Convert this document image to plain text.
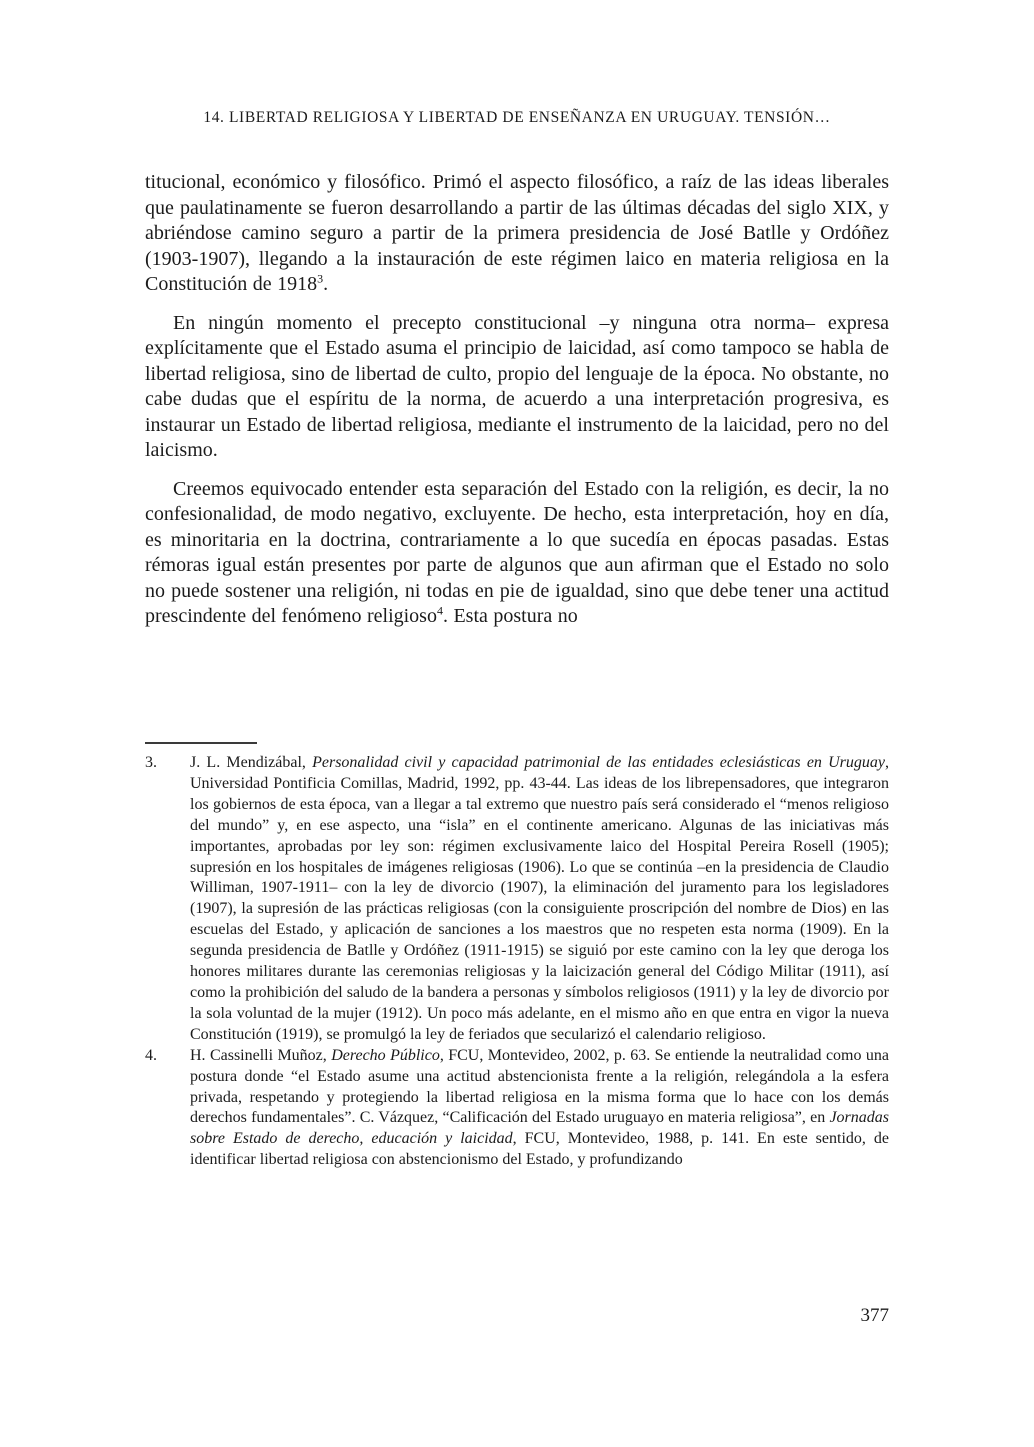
14. LIBERTAD RELIGIOSA Y LIBERTAD DE ENSEÑANZA EN URUGUAY. TENSIÓN…

titucional, económico y filosófico. Primó el aspecto filosófico, a raíz de las ideas liberales que paulatinamente se fueron desarrollando a partir de las últimas décadas del siglo XIX, y abriéndose camino seguro a partir de la primera presidencia de José Batlle y Ordóñez (1903-1907), llegando a la instauración de este régimen laico en materia religiosa en la Constitución de 1918$^3$.

En ningún momento el precepto constitucional –y ninguna otra norma– expresa explícitamente que el Estado asuma el principio de laicidad, así como tampoco se habla de libertad religiosa, sino de libertad de culto, propio del lenguaje de la época. No obstante, no cabe dudas que el espíritu de la norma, de acuerdo a una interpretación progresiva, es instaurar un Estado de libertad religiosa, mediante el instrumento de la laicidad, pero no del laicismo.

Creemos equivocado entender esta separación del Estado con la religión, es decir, la no confesionalidad, de modo negativo, excluyente. De hecho, esta interpretación, hoy en día, es minoritaria en la doctrina, contrariamente a lo que sucedía en épocas pasadas. Estas rémoras igual están presentes por parte de algunos que aun afirman que el Estado no solo no puede sostener una religión, ni todas en pie de igualdad, sino que debe tener una actitud prescindente del fenómeno religioso$^4$. Esta postura no

3.	J. L. Mendizábal, Personalidad civil y capacidad patrimonial de las entidades eclesiásticas en Uruguay, Universidad Pontificia Comillas, Madrid, 1992, pp. 43-44. Las ideas de los librepensadores, que integraron los gobiernos de esta época, van a llegar a tal extremo que nuestro país será considerado el “menos religioso del mundo” y, en ese aspecto, una “isla” en el continente americano. Algunas de las iniciativas más importantes, aprobadas por ley son: régimen exclusivamente laico del Hospital Pereira Rosell (1905); supresión en los hospitales de imágenes religiosas (1906). Lo que se continúa –en la presidencia de Claudio Williman, 1907-1911– con la ley de divorcio (1907), la eliminación del juramento para los legisladores (1907), la supresión de las prácticas religiosas (con la consiguiente proscripción del nombre de Dios) en las escuelas del Estado, y aplicación de sanciones a los maestros que no respeten esta norma (1909). En la segunda presidencia de Batlle y Ordóñez (1911-1915) se siguió por este camino con la ley que deroga los honores militares durante las ceremonias religiosas y la laicización general del Código Militar (1911), así como la prohibición del saludo de la bandera a personas y símbolos religiosos (1911) y la ley de divorcio por la sola voluntad de la mujer (1912). Un poco más adelante, en el mismo año en que entra en vigor la nueva Constitución (1919), se promulgó la ley de feriados que secularizó el calendario religioso.
4.	H. Cassinelli Muñoz, Derecho Público, FCU, Montevideo, 2002, p. 63. Se entiende la neutralidad como una postura donde “el Estado asume una actitud abstencionista frente a la religión, relegándola a la esfera privada, respetando y protegiendo la libertad religiosa en la misma forma que lo hace con los demás derechos fundamentales”. C. Vázquez, “Calificación del Estado uruguayo en materia religiosa”, en Jornadas sobre Estado de derecho, educación y laicidad, FCU, Montevideo, 1988, p. 141. En este sentido, de identificar libertad religiosa con abstencionismo del Estado, y profundizando
377
